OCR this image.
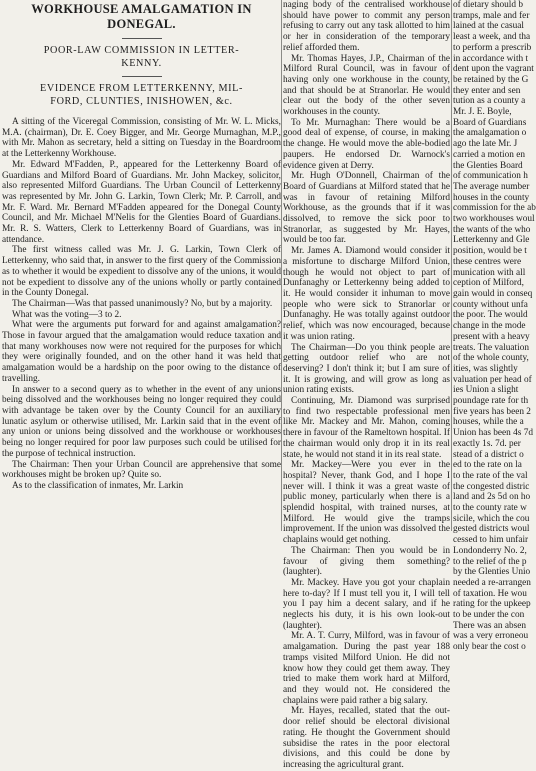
WORKHOUSE AMALGAMATION IN
DONEGAL.
POOR-LAW COMMISSION IN LETTER-
KENNY.
EVIDENCE FROM LETTERKENNY, MIL-
FORD, CLUNTIES, INISHOWEN, &c.

A sitting of the Viceregal Commission, consisting of Mr. W. L. Micks, M.A. (chairman), Dr. E. Coey Bigger, and Mr. George Murnaghan, M.P., with Mr. Mahon as secretary, held a sitting on Tuesday in the Boardroom at the Letterkenny Workhouse.

Mr. Edward M'Fadden, P., appeared for the Letterkenny Board of Guardians and Milford Board of Guardians. Mr. John Mackey, solicitor, also represented Milford Guardians. The Urban Council of Letterkenny was represented by Mr. John G. Larkin, Town Clerk; Mr. P. Carroll, and Mr. F. Ward. Mr. Bernard M'Fadden appeared for the Donegal County Council, and Mr. Michael M'Nelis for the Glenties Board of Guardians. Mr. R. S. Watters, Clerk to Letterkenny Board of Guardians, was in attendance.

The first witness called was Mr. J. G. Larkin, Town Clerk of Letterkenny, who said that, in answer to the first query of the Commission as to whether it would be expedient to dissolve any of the unions, it would not be expedient to dissolve any of the unions wholly or partly contained in the County Donegal.

The Chairman—Was that passed unanimously? No, but by a majority.

What was the voting—3 to 2.

What were the arguments put forward for and against amalgamation? Those in favour argued that the amalgamation would reduce taxation and that many workhouses now were not required for the purposes for which they were originally founded, and on the other hand it was held that amalgamation would be a hardship on the poor owing to the distance of travelling.

In answer to a second query as to whether in the event of any unions being dissolved and the workhouses being no longer required they could with advantage be taken over by the County Council for an auxiliary lunatic asylum or otherwise utilised, Mr. Larkin said that in the event of any union or unions being dissolved and the workhouse or workhouses being no longer required for poor law purposes such could be utilised for the purpose of technical instruction.

The Chairman: Then your Urban Council are apprehensive that some workhouses might be broken up? Quite so.

As to the classification of inmates, Mr. Larkin

naging body of the centralised workhouse should have power to commit any person refusing to carry out any task allotted to him or her in consideration of the temporary relief afforded them.

Mr. Thomas Hayes, J.P., Chairman of the Milford Rural Council, was in favour of having only one workhouse in the county, and that should be at Stranorlar. He would clear out the body of the other seven workhouses in the county.

To Mr. Murnaghan: There would be a good deal of expense, of course, in making the change. He would move the able-bodied paupers. He endorsed Dr. Warnock's evidence given at Derry.

Mr. Hugh O'Donnell, Chairman of the Board of Guardians at Milford stated that he was in favour of retaining Milford Workhouse, as the grounds that if it was dissolved, to remove the sick poor to Stranorlar, as suggested by Mr. Hayes, would be too far.

Mr. James A. Diamond would consider it a misfortune to discharge Milford Union, though he would not object to part of Dunfanaghy or Letterkenny being added to it. He would consider it inhuman to move people who were sick to Stranorlar or Dunfanaghy. He was totally against outdoor relief, which was now encouraged, because it was union rating.

The Chairman—Do you think people are getting outdoor relief who are not deserving? I don't think it; but I am sure of it. It is growing, and will grow as long as union rating exists.

Continuing, Mr. Diamond was surprised to find two respectable professional men like Mr. Mackey and Mr. Mahon, coming there in favour of the Rameltown hospital. If the chairman would only drop it in its real state, he would not stand it in its real state.

Mr. Mackey—Were you ever in the hospital? Never, thank God, and I hope I never will. I think it was a great waste of public money, particularly when there is a splendid hospital, with trained nurses, at Milford. He would give the tramps improvement. If the union was dissolved the chaplains would get nothing.

The Chairman: Then you would be in favour of giving them something? (laughter).

Mr. Mackey. Have you got your chaplain here to-day? If I must tell you it, I will tell you I pay him a decent salary, and if he neglects his duty, it is his own look-out (laughter).

Mr. A. T. Curry, Milford, was in favour of amalgamation. During the past year 188 tramps visited Milford Union. He did not know how they could get them away. They tried to make them work hard at Milford, and they would not. He considered the chaplains were paid rather a big salary.

Mr. Hayes, recalled, stated that the out-door relief should be electoral divisional rating. He thought the Government should subsidise the rates in the poor electoral divisions, and this could be done by increasing the agricultural grant.

of dietary should b

tramps, male and fer

lained at the casual

least a week, and tha

to perform a prescrib

in accordance with t

dent upon the vagrant

be retained by the G

they enter and sen

tution as a county a

Mr. J. E. Boyle,

Board of Guardians

the amalgamation o

ago the late Mr. J

carried a motion en

the Glenties Board

of communication h

The average number

houses in the county

commission for the ab

two workhouses woul

the wants of the who

Letterkenny and Gle

position, would be t

these centres were

munication with all

ception of Milford,

gain would in conseq

county without unfa

the poor. The would

change in the mode

present with a heavy

treats. The valuation

of the whole county,

ities, was slightly

valuation per head of

ies Union a slight

poundage rate for th

five years has been 2

houses, while the a

Union has been 4s 7d

exactly 1s. 7d. per

stead of a district o

ed to the rate on la

to the rate of the val

the congested distric

land and 2s 5d on ho

to the county rate w

sicile, which the cou

gested districts woul

cessed to him unfair

Londonderry No. 2,

to the relief of the p

by the Glenties Unio

needed a re-arrangen

of taxation. He wou

rating for the upkeep

to be under the con

There was an absen

was a very erroneou

only bear the cost o
